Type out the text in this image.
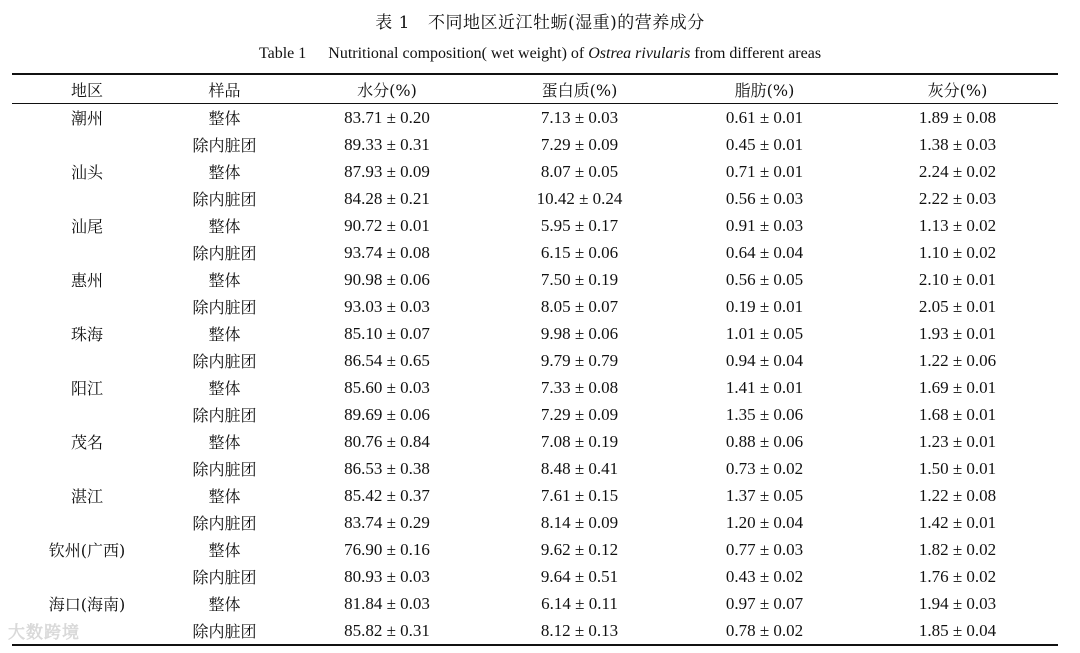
表 1 不同地区近江牡蛎(湿重)的营养成分
Table 1 Nutritional composition( wet weight) of Ostrea rivularis from different areas
地区	样品	水分(%)	蛋白质(%)	脂肪(%)	灰分(%)
潮州	整体	83.71 ± 0.20	7.13 ± 0.03	0.61 ± 0.01	1.89 ± 0.08
	除内脏团	89.33 ± 0.31	7.29 ± 0.09	0.45 ± 0.01	1.38 ± 0.03
汕头	整体	87.93 ± 0.09	8.07 ± 0.05	0.71 ± 0.01	2.24 ± 0.02
	除内脏团	84.28 ± 0.21	10.42 ± 0.24	0.56 ± 0.03	2.22 ± 0.03
汕尾	整体	90.72 ± 0.01	5.95 ± 0.17	0.91 ± 0.03	1.13 ± 0.02
	除内脏团	93.74 ± 0.08	6.15 ± 0.06	0.64 ± 0.04	1.10 ± 0.02
惠州	整体	90.98 ± 0.06	7.50 ± 0.19	0.56 ± 0.05	2.10 ± 0.01
	除内脏团	93.03 ± 0.03	8.05 ± 0.07	0.19 ± 0.01	2.05 ± 0.01
珠海	整体	85.10 ± 0.07	9.98 ± 0.06	1.01 ± 0.05	1.93 ± 0.01
	除内脏团	86.54 ± 0.65	9.79 ± 0.79	0.94 ± 0.04	1.22 ± 0.06
阳江	整体	85.60 ± 0.03	7.33 ± 0.08	1.41 ± 0.01	1.69 ± 0.01
	除内脏团	89.69 ± 0.06	7.29 ± 0.09	1.35 ± 0.06	1.68 ± 0.01
茂名	整体	80.76 ± 0.84	7.08 ± 0.19	0.88 ± 0.06	1.23 ± 0.01
	除内脏团	86.53 ± 0.38	8.48 ± 0.41	0.73 ± 0.02	1.50 ± 0.01
湛江	整体	85.42 ± 0.37	7.61 ± 0.15	1.37 ± 0.05	1.22 ± 0.08
	除内脏团	83.74 ± 0.29	8.14 ± 0.09	1.20 ± 0.04	1.42 ± 0.01
钦州(广西)	整体	76.90 ± 0.16	9.62 ± 0.12	0.77 ± 0.03	1.82 ± 0.02
	除内脏团	80.93 ± 0.03	9.64 ± 0.51	0.43 ± 0.02	1.76 ± 0.02
海口(海南)	整体	81.84 ± 0.03	6.14 ± 0.11	0.97 ± 0.07	1.94 ± 0.03
	除内脏团	85.82 ± 0.31	8.12 ± 0.13	0.78 ± 0.02	1.85 ± 0.04
大数跨境
